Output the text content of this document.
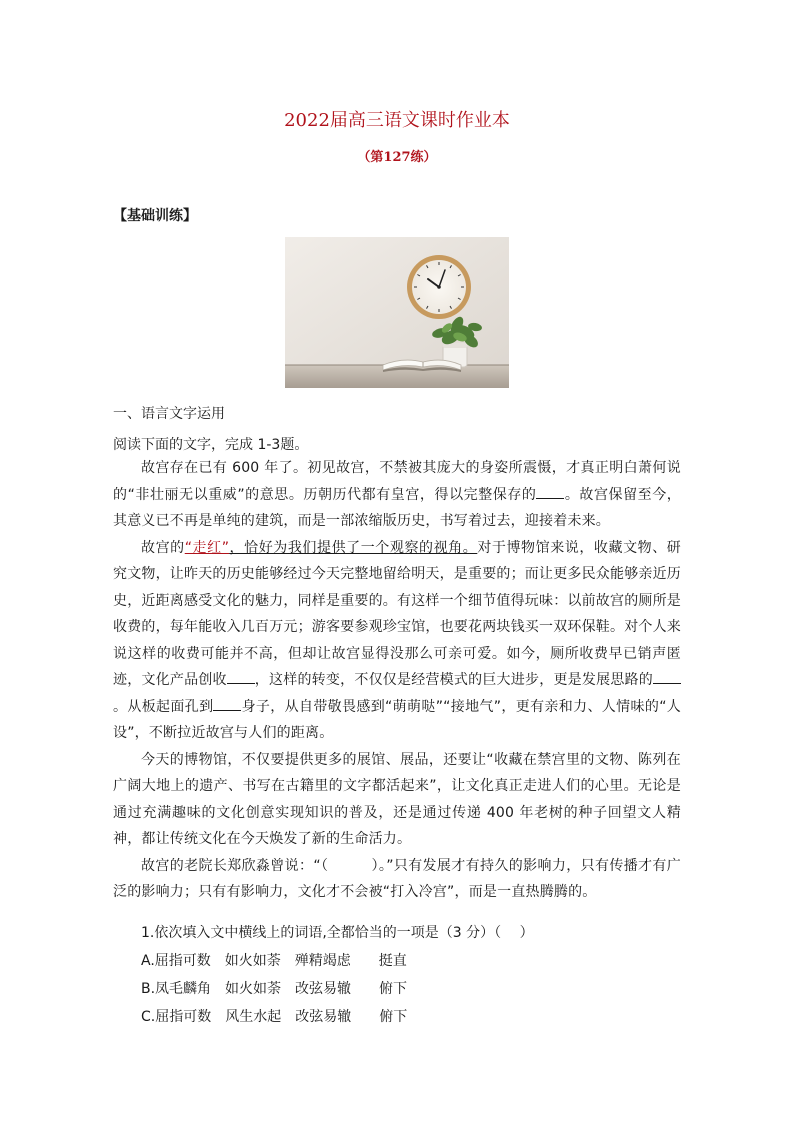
2022届高三语文课时作业本
（第127练）
【基础训练】
一、语言文字运用
阅读下面的文字，完成 1-3题。

故宫存在已有 600 年了。初见故宫，不禁被其庞大的身姿所震慑，才真正明白萧何说的“非壮丽无以重威”的意思。历朝历代都有皇宫，得以完整保存的 。故宫保留至今，其意义已不再是单纯的建筑，而是一部浓缩版历史，书写着过去，迎接着未来。

故宫的“走红”，恰好为我们提供了一个观察的视角。对于博物馆来说，收藏文物、研究文物，让昨天的历史能够经过今天完整地留给明天，是重要的；而让更多民众能够亲近历史，近距离感受文化的魅力，同样是重要的。有这样一个细节值得玩味：以前故宫的厕所是收费的，每年能收入几百万元；游客要参观珍宝馆，也要花两块钱买一双环保鞋。对个人来说这样的收费可能并不高，但却让故宫显得没那么可亲可爱。如今，厕所收费早已销声匿迹，文化产品创收 ，这样的转变，不仅仅是经营模式的巨大进步，更是发展思路的。从板起面孔到 身子，从自带敬畏感到“萌萌哒”“接地气”，更有亲和力、人情味的“人设”，不断拉近故宫与人们的距离。

今天的博物馆，不仅要提供更多的展馆、展品，还要让“收藏在禁宫里的文物、陈列在广阔大地上的遗产、书写在古籍里的文字都活起来”，让文化真正走进人们的心里。无论是通过充满趣味的文化创意实现知识的普及，还是通过传递 400 年老树的种子回望文人精神，都让传统文化在今天焕发了新的生命活力。

故宫的老院长郑欣淼曾说：“（　　　）。”只有发展才有持久的影响力，只有传播才有广泛的影响力；只有有影响力，文化才不会被“打入冷宫”，而是一直热腾腾的。

1.依次填入文中横线上的词语,全都恰当的一项是（3 分）（　 ）
A.屈指可数　如火如荼　殚精竭虑　　挺直
B.凤毛麟角　如火如荼　改弦易辙　　俯下
C.屈指可数　风生水起　改弦易辙　　俯下
